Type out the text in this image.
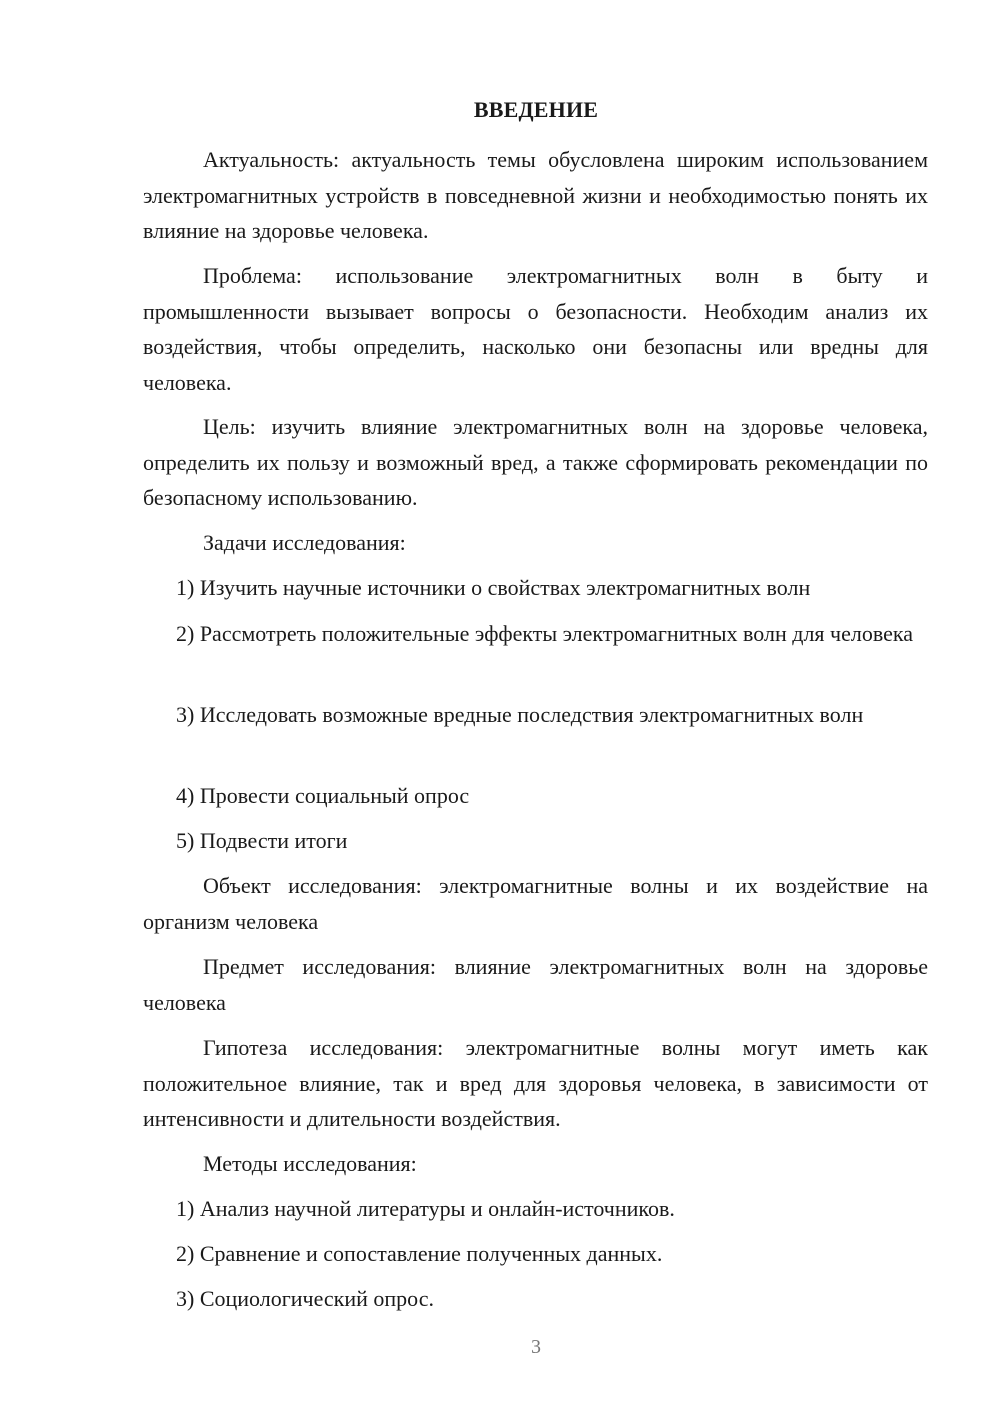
ВВЕДЕНИЕ

Актуальность: актуальность темы обусловлена широким использованием электромагнитных устройств в повседневной жизни и необходимостью понять их влияние на здоровье человека.

Проблема: использование электромагнитных волн в быту и промышленности вызывает вопросы о безопасности. Необходим анализ их воздействия, чтобы определить, насколько они безопасны или вредны для человека.

Цель: изучить влияние электромагнитных волн на здоровье человека, определить их пользу и возможный вред, а также сформировать рекомендации по безопасному использованию.

Задачи исследования:

1) Изучить научные источники о свойствах электромагнитных волн

2) Рассмотреть положительные эффекты электромагнитных волн для человека

3) Исследовать возможные вредные последствия электромагнитных волн

4) Провести социальный опрос

5) Подвести итоги

Объект исследования: электромагнитные волны и их воздействие на организм человека

Предмет исследования: влияние электромагнитных волн на здоровье человека

Гипотеза исследования: электромагнитные волны могут иметь как положительное влияние, так и вред для здоровья человека, в зависимости от интенсивности и длительности воздействия.

Методы исследования:

1) Анализ научной литературы и онлайн-источников.

2) Сравнение и сопоставление полученных данных.

3) Социологический опрос.

3
